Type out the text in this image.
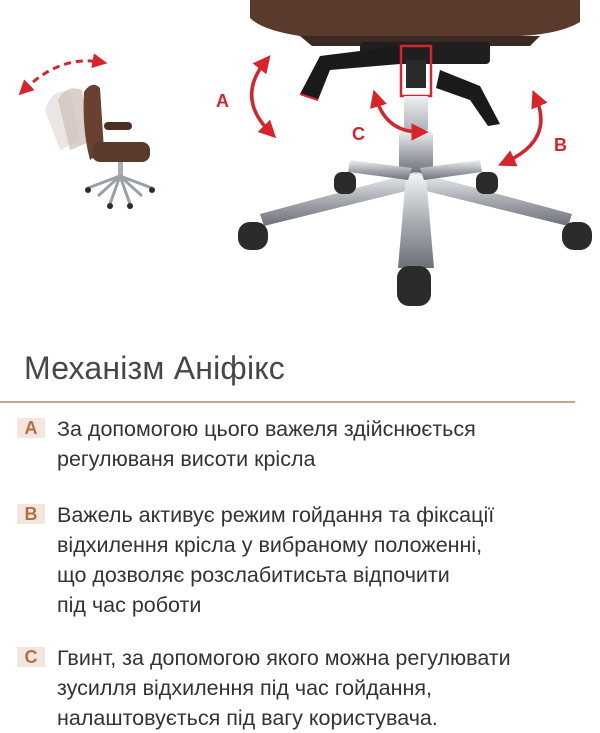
A
B
C
Механізм Аніфікс
A За допомогою цього важеля здійснюється
регулюваня висоти крісла

B Важель активує режим гойдання та фіксації
відхилення крісла у вибраному положенні,
що дозволяє розслабитисьта відпочити
під час роботи

C Гвинт, за допомогою якого можна регулювати
зусилля відхилення під час гойдання,
налаштовується під вагу користувача.
